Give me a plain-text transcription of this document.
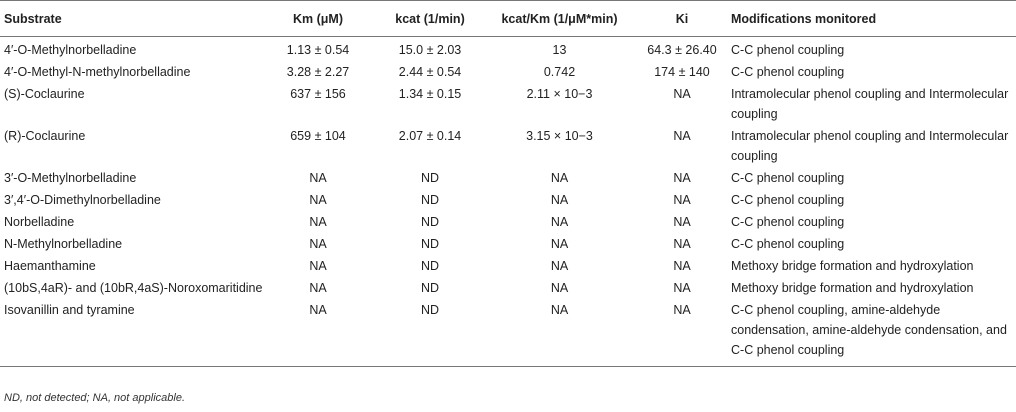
Substrate	Km (μM)	kcat (1/min)	kcat/Km (1/μM*min)	Ki	Modifications monitored
4′-O-Methylnorbelladine	1.13 ± 0.54	15.0 ± 2.03	13	64.3 ± 26.40	C-C phenol coupling
4′-O-Methyl-N-methylnorbelladine	3.28 ± 2.27	2.44 ± 0.54	0.742	174 ± 140	C-C phenol coupling
(S)-Coclaurine	637 ± 156	1.34 ± 0.15	2.11 × 10−3	NA	Intramolecular phenol coupling and Intermolecular coupling
(R)-Coclaurine	659 ± 104	2.07 ± 0.14	3.15 × 10−3	NA	Intramolecular phenol coupling and Intermolecular coupling
3′-O-Methylnorbelladine	NA	ND	NA	NA	C-C phenol coupling
3′,4′-O-Dimethylnorbelladine	NA	ND	NA	NA	C-C phenol coupling
Norbelladine	NA	ND	NA	NA	C-C phenol coupling
N-Methylnorbelladine	NA	ND	NA	NA	C-C phenol coupling
Haemanthamine	NA	ND	NA	NA	Methoxy bridge formation and hydroxylation
(10bS,4aR)- and (10bR,4aS)-Noroxomaritidine	NA	ND	NA	NA	Methoxy bridge formation and hydroxylation
Isovanillin and tyramine	NA	ND	NA	NA	C-C phenol coupling, amine-aldehyde condensation, amine-aldehyde condensation, and C-C phenol coupling
ND, not detected; NA, not applicable.
